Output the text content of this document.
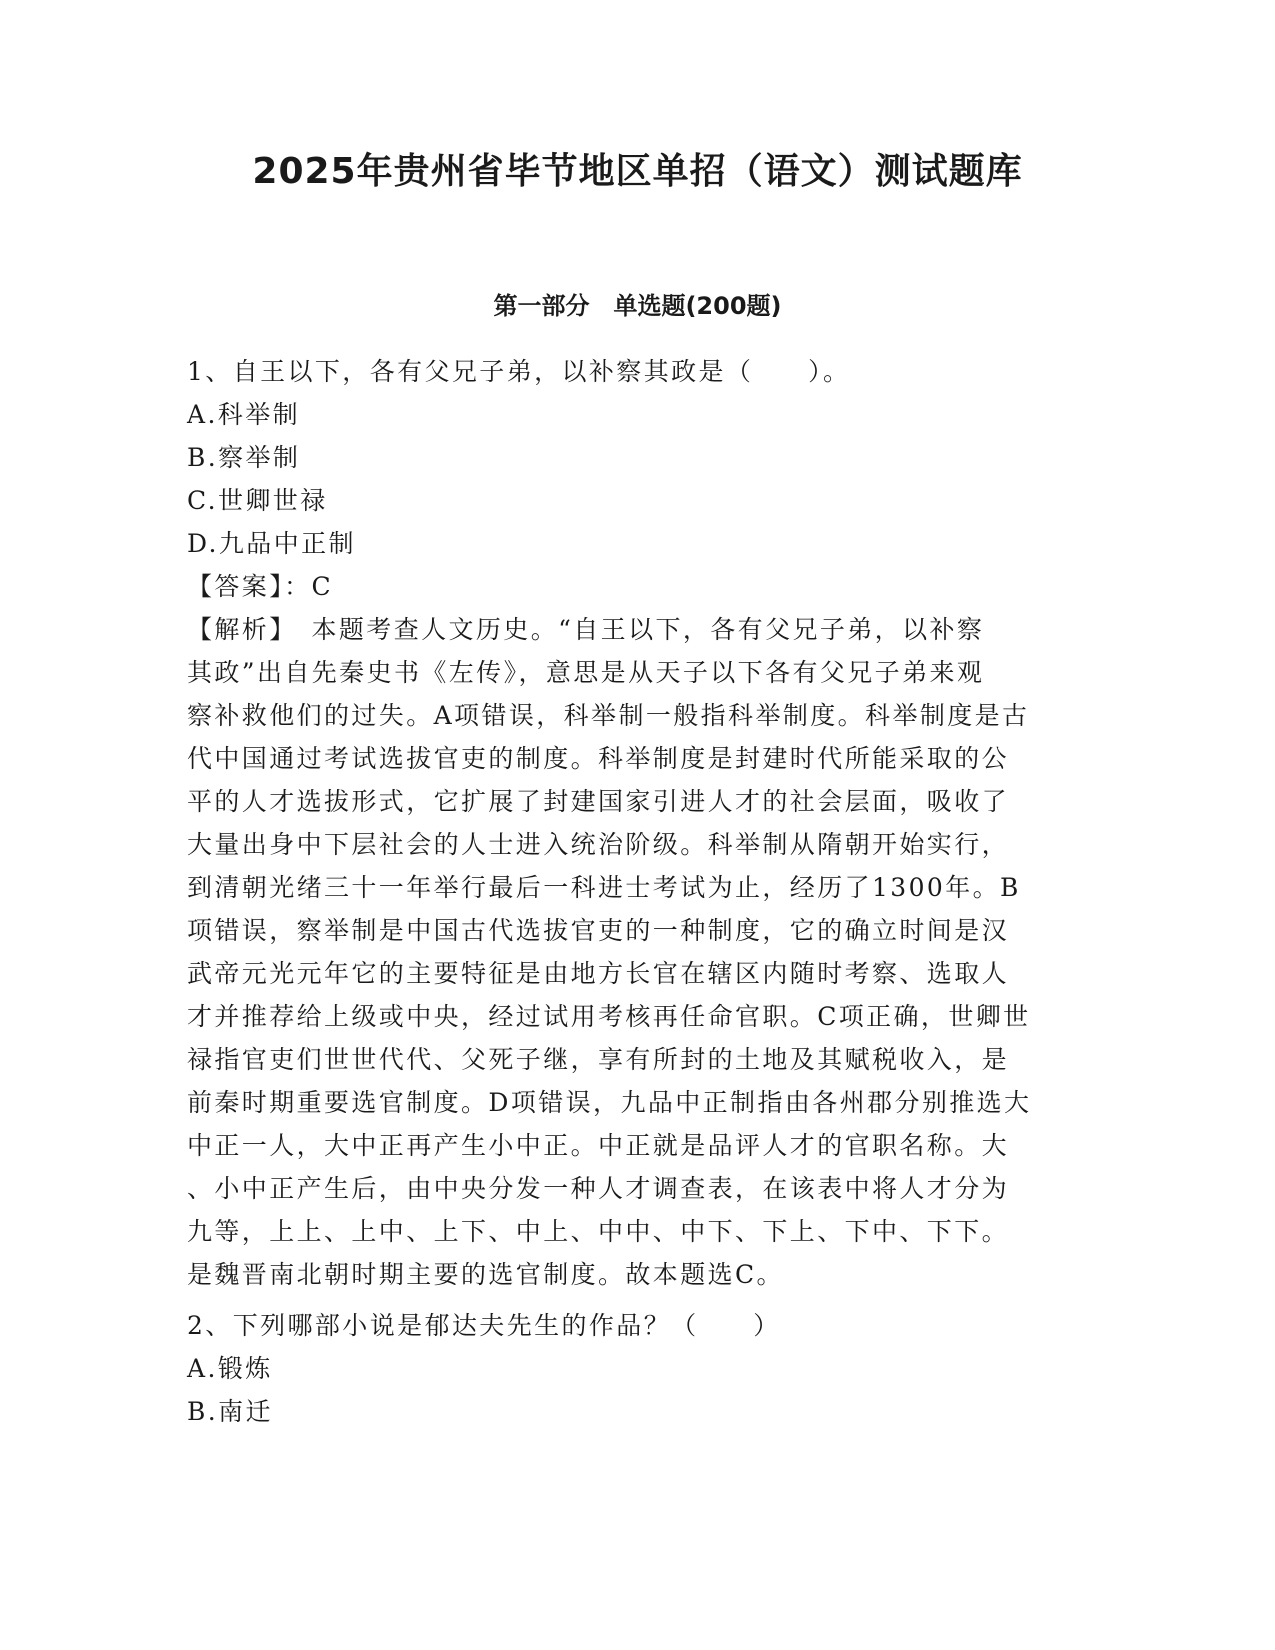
2025年贵州省毕节地区单招（语文）测试题库
第一部分　单选题(200题)
1、自王以下，各有父兄子弟，以补察其政是（　　）。
A.科举制
B.察举制
C.世卿世禄
D.九品中正制
【答案】：C
【解析】　本题考查人文历史。“自王以下，各有父兄子弟，以补察
其政”出自先秦史书《左传》，意思是从天子以下各有父兄子弟来观
察补救他们的过失。A项错误，科举制一般指科举制度。科举制度是古
代中国通过考试选拔官吏的制度。科举制度是封建时代所能采取的公
平的人才选拔形式，它扩展了封建国家引进人才的社会层面，吸收了
大量出身中下层社会的人士进入统治阶级。科举制从隋朝开始实行，
到清朝光绪三十一年举行最后一科进士考试为止，经历了1300年。B
项错误，察举制是中国古代选拔官吏的一种制度，它的确立时间是汉
武帝元光元年它的主要特征是由地方长官在辖区内随时考察、选取人
才并推荐给上级或中央，经过试用考核再任命官职。C项正确，世卿世
禄指官吏们世世代代、父死子继，享有所封的土地及其赋税收入，是
前秦时期重要选官制度。D项错误，九品中正制指由各州郡分别推选大
中正一人，大中正再产生小中正。中正就是品评人才的官职名称。大
、小中正产生后，由中央分发一种人才调查表，在该表中将人才分为
九等，上上、上中、上下、中上、中中、中下、下上、下中、下下。
是魏晋南北朝时期主要的选官制度。故本题选C。
2、下列哪部小说是郁达夫先生的作品？（　　）
A.锻炼
B.南迁
